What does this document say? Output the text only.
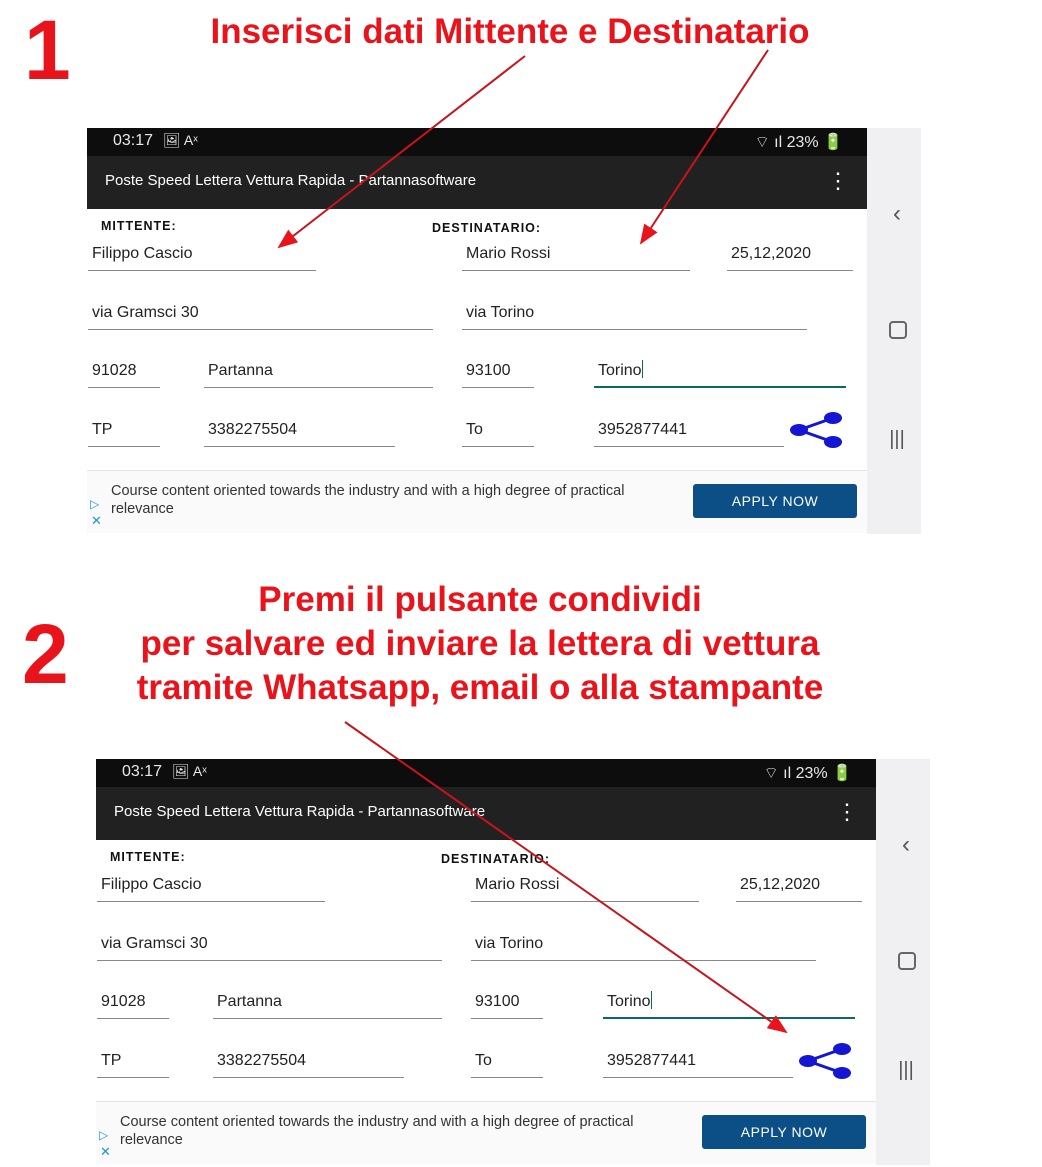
1	Inserisci dati Mittente e Destinatario
2
Premi il pulsante condividi
per salvare ed inviare la lettera di vettura
tramite Whatsapp, email o alla stampante
‹
|||
03:17 🖼 Aˣ	⌔ ıl 23% 🔋
Poste Speed Lettera Vettura Rapida - Partannasoftware	⋮
MITTENTE:	DESTINATARIO:
Filippo Cascio	Mario Rossi	25,12,2020
via Gramsci 30	via Torino
91028	Partanna	93100	Torino
TP	3382275504	To	3952877441
▷
✕
Course content oriented towards the industry and with a high degree of practical relevance	APPLY NOW
‹
|||
03:17 🖼 Aˣ	⌔ ıl 23% 🔋
Poste Speed Lettera Vettura Rapida - Partannasoftware	⋮
MITTENTE:	DESTINATARIO:
Filippo Cascio	Mario Rossi	25,12,2020
via Gramsci 30	via Torino
91028	Partanna	93100	Torino
TP	3382275504	To	3952877441
▷
✕
Course content oriented towards the industry and with a high degree of practical relevance	APPLY NOW
